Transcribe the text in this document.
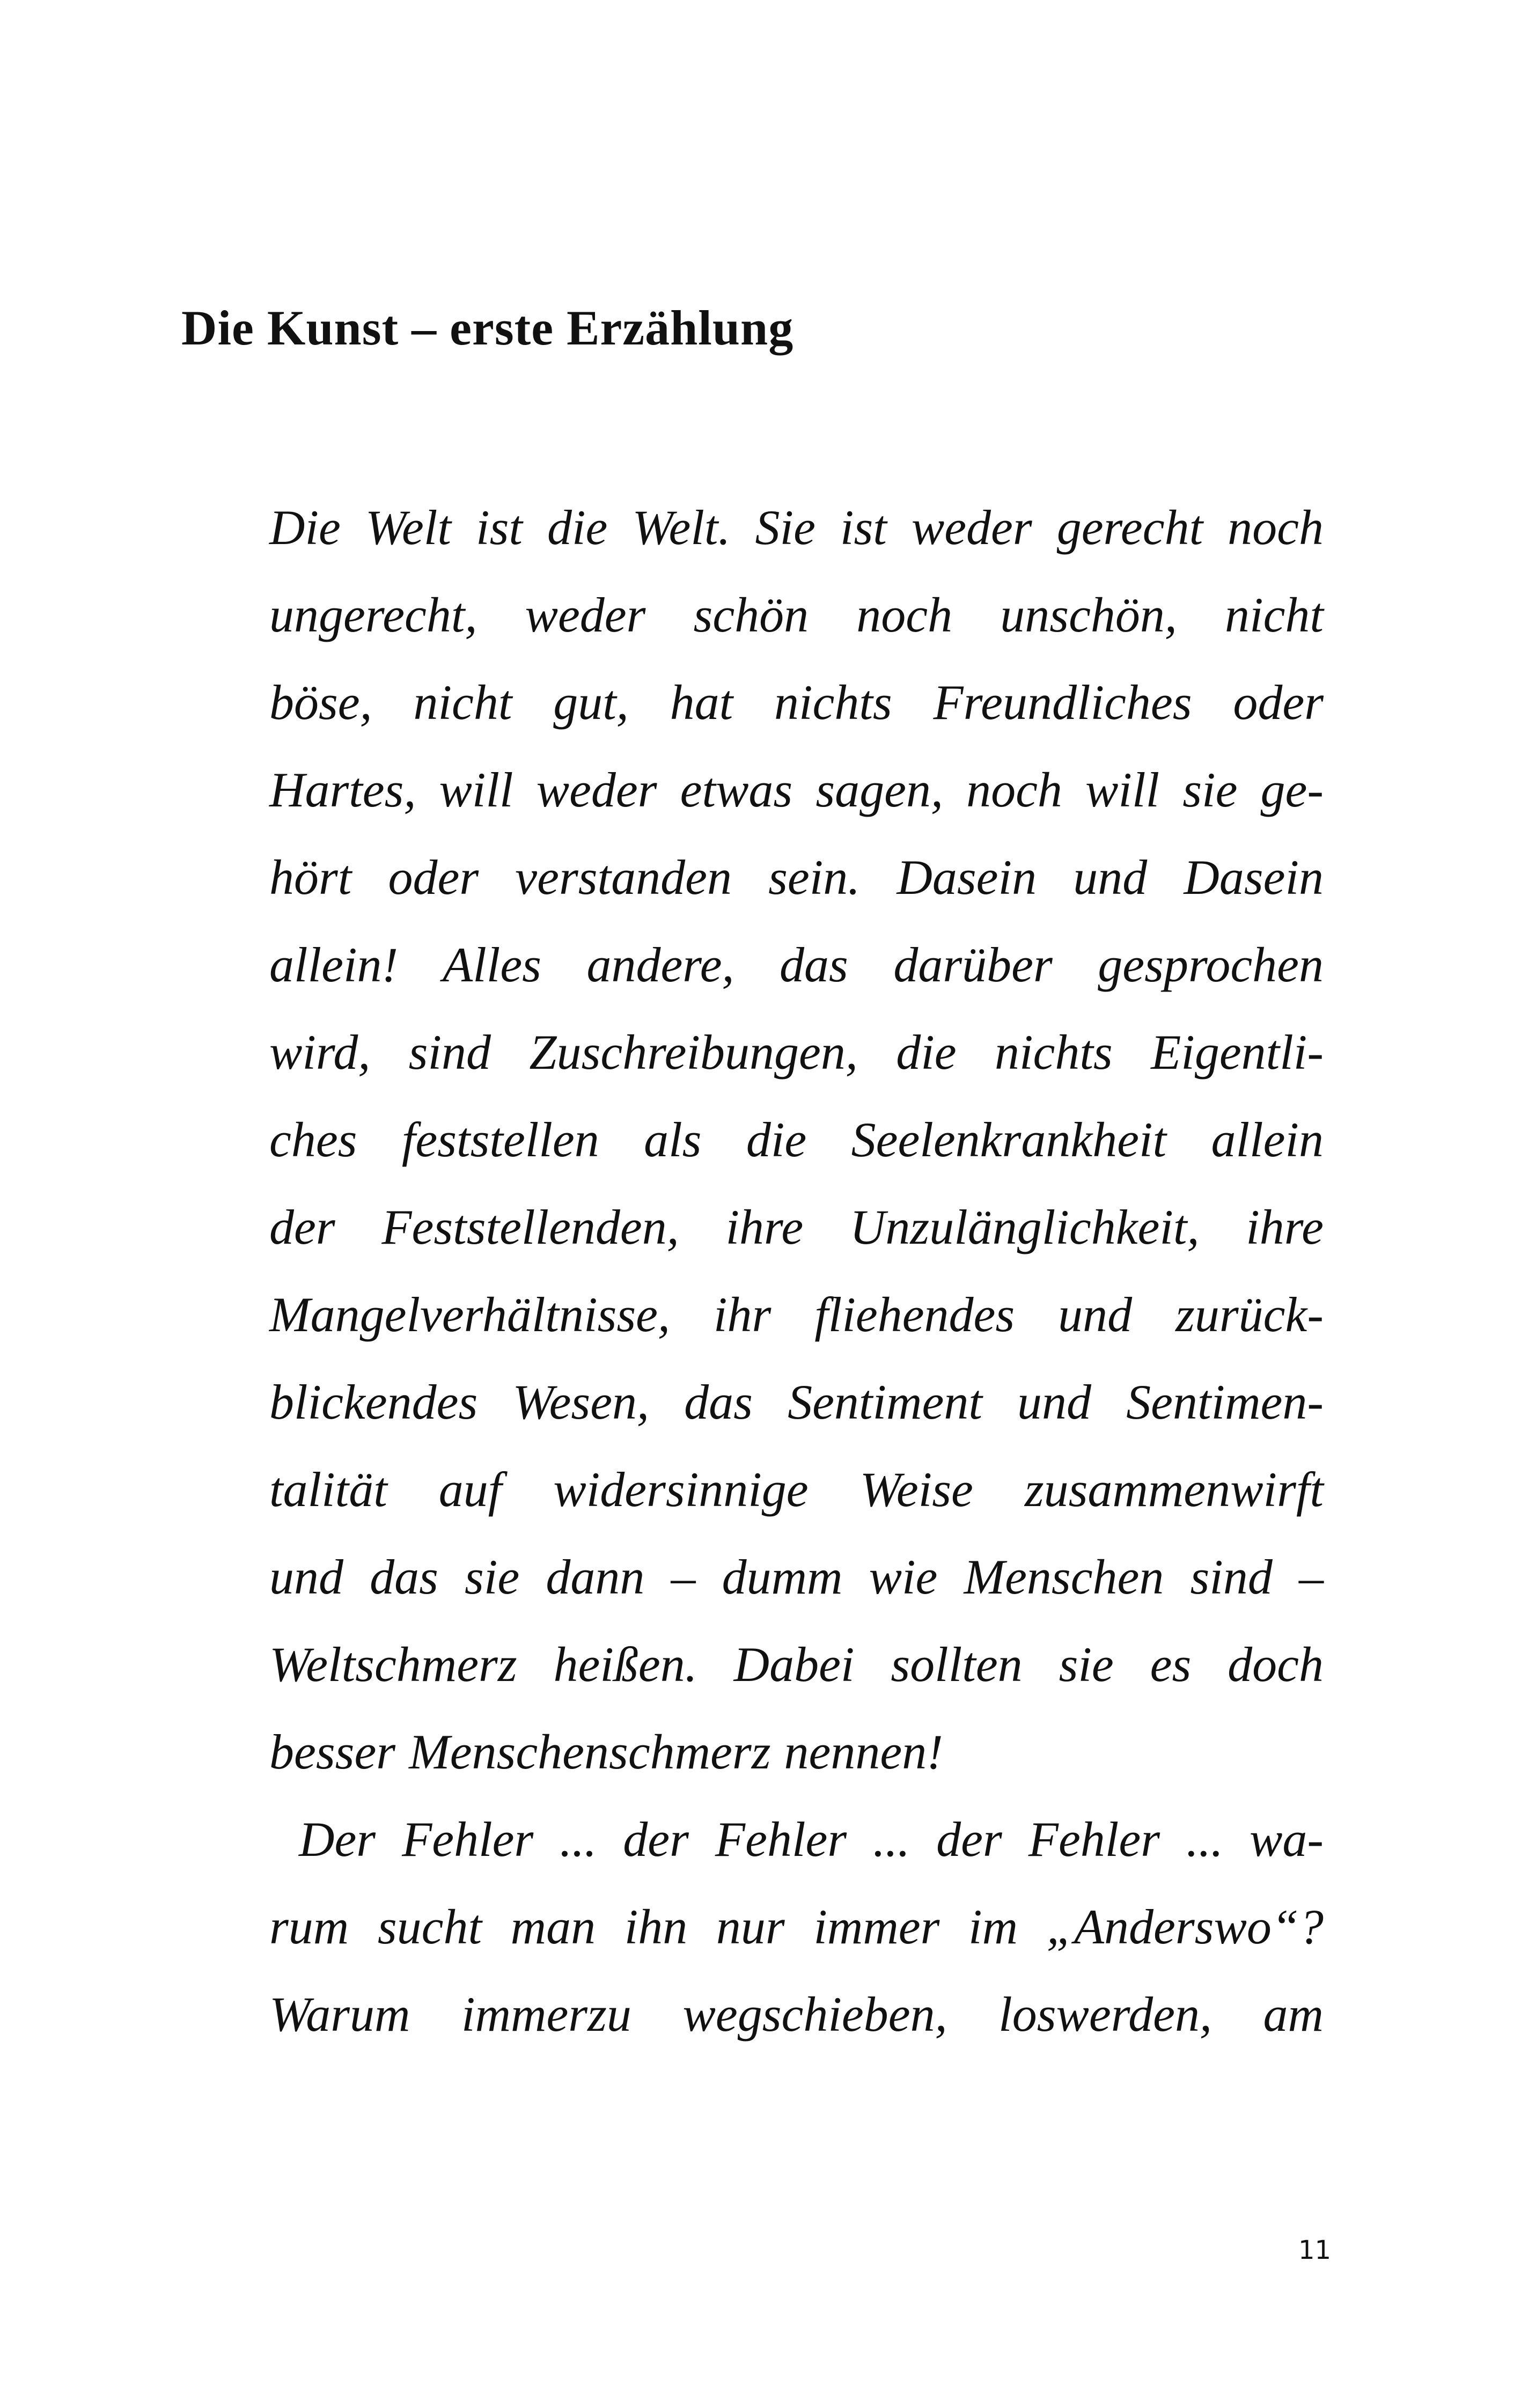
Die Kunst – erste Erzählung
Die Welt ist die Welt. Sie ist weder gerecht noch
ungerecht, weder schön noch unschön, nicht
böse, nicht gut, hat nichts Freundliches oder
Hartes, will weder etwas sagen, noch will sie ge-
hört oder verstanden sein. Dasein und Dasein
allein! Alles andere, das darüber gesprochen
wird, sind Zuschreibungen, die nichts Eigentli-
ches feststellen als die Seelenkrankheit allein
der Feststellenden, ihre Unzulänglichkeit, ihre
Mangelverhältnisse, ihr fliehendes und zurück-
blickendes Wesen, das Sentiment und Sentimen-
talität auf widersinnige Weise zusammenwirft
und das sie dann – dumm wie Menschen sind –
Weltschmerz heißen. Dabei sollten sie es doch
besser Menschenschmerz nennen!
Der Fehler ... der Fehler ... der Fehler ... wa-
rum sucht man ihn nur immer im „Anderswo“?
Warum immerzu wegschieben, loswerden, am
11
